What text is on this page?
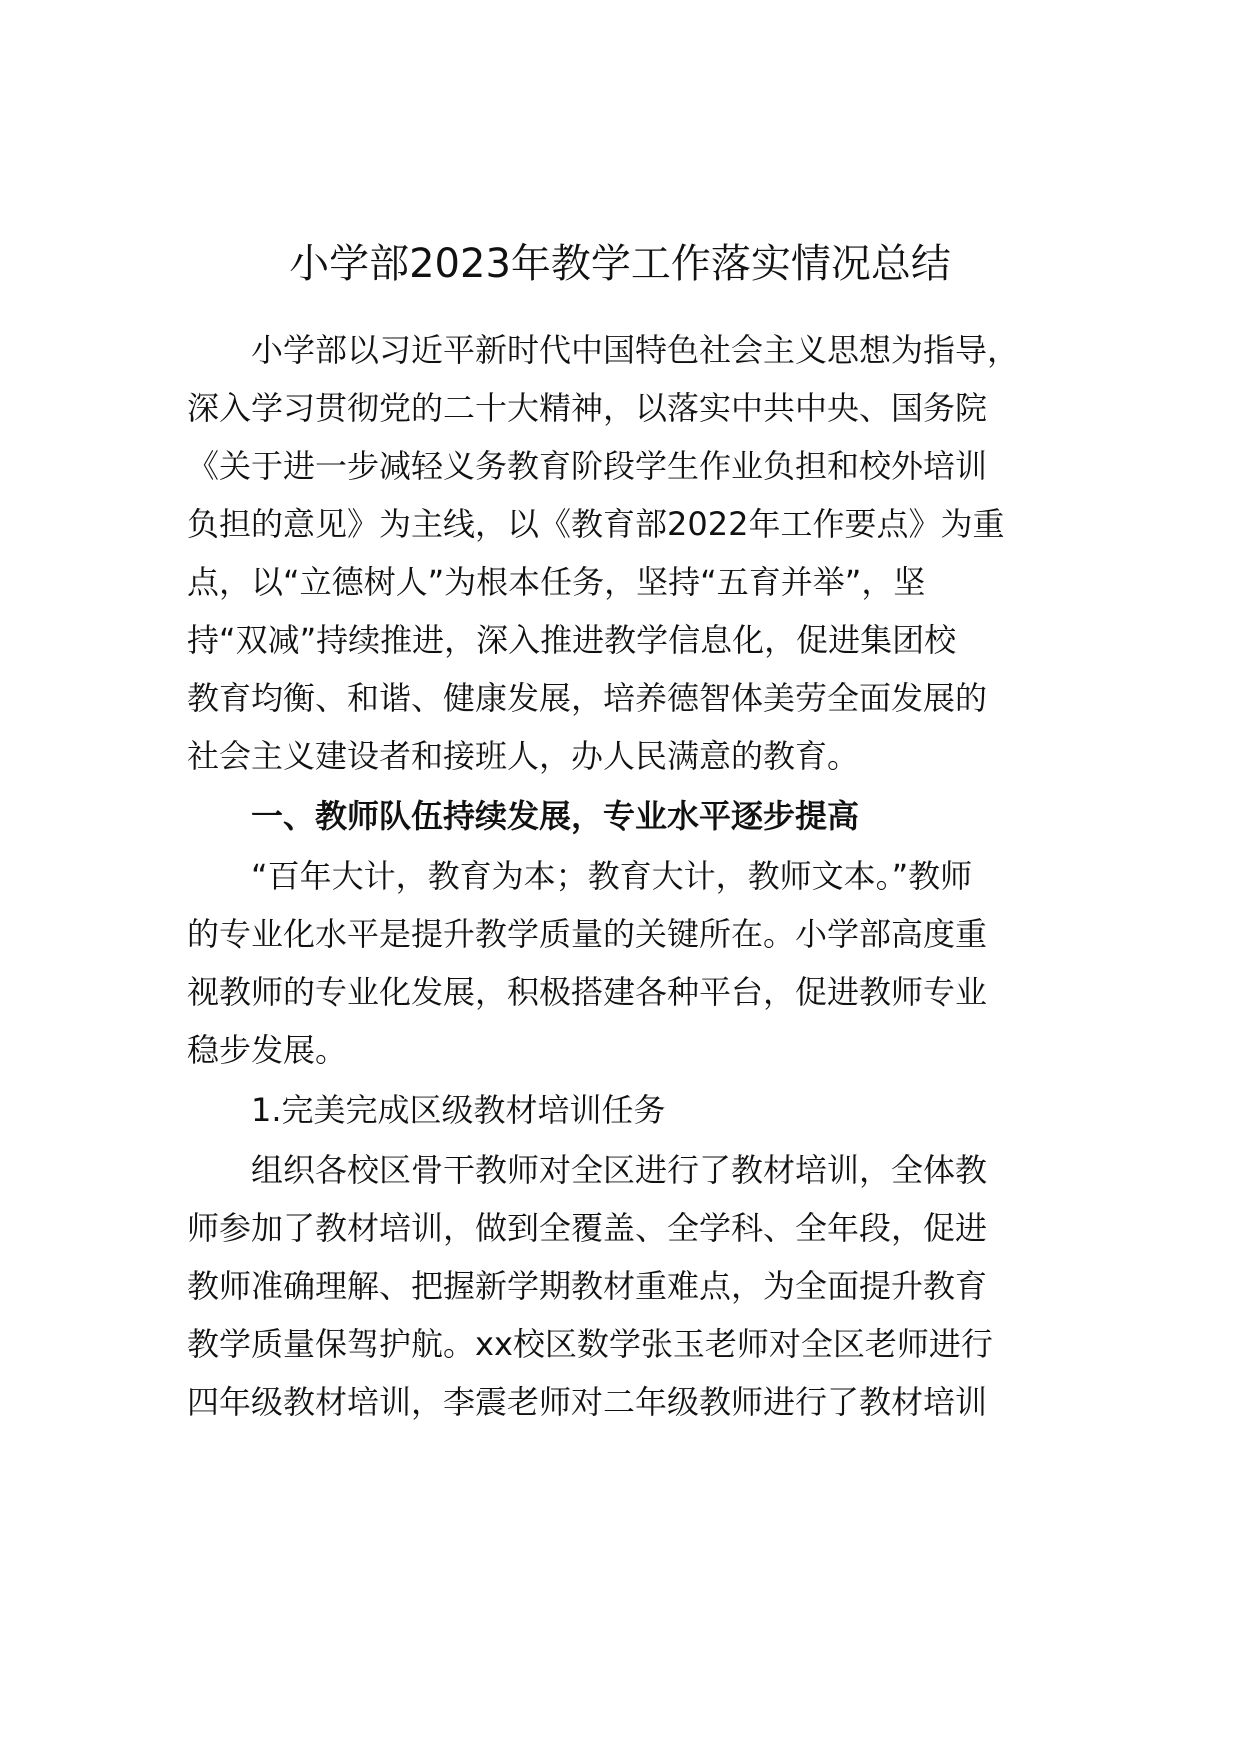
小学部2023年教学工作落实情况总结
小学部以习近平新时代中国特色社会主义思想为指导，
深入学习贯彻党的二十大精神，以落实中共中央、国务院
《关于进一步减轻义务教育阶段学生作业负担和校外培训
负担的意见》为主线，以《教育部2022年工作要点》为重
点，以“立德树人”为根本任务，坚持“五育并举”，坚
持“双减”持续推进，深入推进教学信息化，促进集团校
教育均衡、和谐、健康发展，培养德智体美劳全面发展的
社会主义建设者和接班人，办人民满意的教育。
一、教师队伍持续发展，专业水平逐步提高
“百年大计，教育为本；教育大计，教师文本。”教师
的专业化水平是提升教学质量的关键所在。小学部高度重
视教师的专业化发展，积极搭建各种平台，促进教师专业
稳步发展。
1.完美完成区级教材培训任务
组织各校区骨干教师对全区进行了教材培训，全体教
师参加了教材培训，做到全覆盖、全学科、全年段，促进
教师准确理解、把握新学期教材重难点，为全面提升教育
教学质量保驾护航。xx校区数学张玉老师对全区老师进行
四年级教材培训，李震老师对二年级教师进行了教材培训
